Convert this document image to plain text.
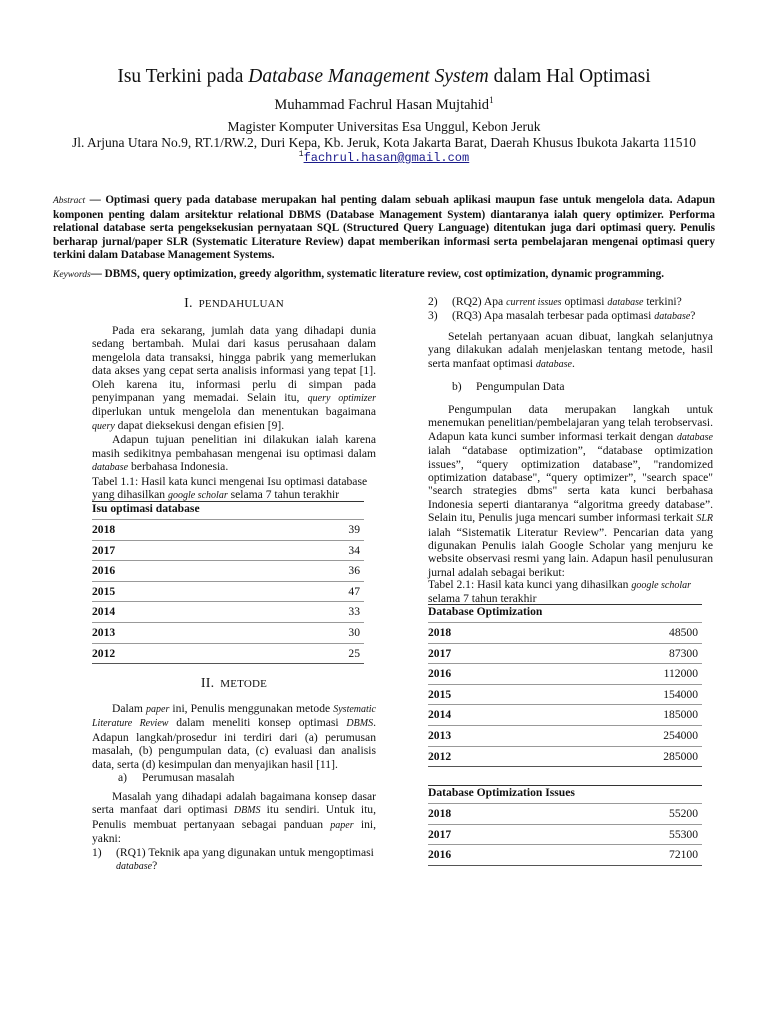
Isu Terkini pada Database Management System dalam Hal Optimasi
Muhammad Fachrul Hasan Mujtahid$^1$
Magister Komputer Universitas Esa Unggul, Kebon Jeruk
Jl. Arjuna Utara No.9, RT.1/RW.2, Duri Kepa, Kb. Jeruk, Kota Jakarta Barat, Daerah Khusus Ibukota Jakarta 11510
$^1$fachrul.hasan@gmail.com
Abstract — Optimasi query pada database merupakan hal penting dalam sebuah aplikasi maupun fase untuk mengelola data. Adapun komponen penting dalam arsitektur relational DBMS (Database Management System) diantaranya ialah query optimizer. Performa relational database serta pengeksekusian pernyataan SQL (Structured Query Language) ditentukan juga dari optimasi query. Penulis berharap jurnal/paper SLR (Systematic Literature Review) dapat memberikan informasi serta pembelajaran mengenai optimasi query terkini dalam Database Management Systems.
Keywords— DBMS, query optimization, greedy algorithm, systematic literature review, cost optimization, dynamic programming.
I. PENDAHULUAN

Pada era sekarang, jumlah data yang dihadapi dunia sedang bertambah. Mulai dari kasus perusahaan dalam mengelola data transaksi, hingga pabrik yang memerlukan data akses yang cepat serta analisis informasi yang tepat [1]. Oleh karena itu, informasi perlu di simpan pada penyimpanan yang memadai. Selain itu, query optimizer diperlukan untuk mengelola dan menentukan bagaimana query dapat dieksekusi dengan efisien [9].

Adapun tujuan penelitian ini dilakukan ialah karena masih sedikitnya pembahasan mengenai isu optimasi dalam database berbahasa Indonesia.

Tabel 1.1: Hasil kata kunci mengenai Isu optimasi database yang dihasilkan google scholar selama 7 tahun terakhir

Isu optimasi database	
2018	39
2017	34
2016	36
2015	47
2014	33
2013	30
2012	25
II. METODE

Dalam paper ini, Penulis menggunakan metode Systematic Literature Review dalam meneliti konsep optimasi DBMS. Adapun langkah/prosedur ini terdiri dari (a) perumusan masalah, (b) pengumpulan data, (c) evaluasi dan analisis data, serta (d) kesimpulan dan menyajikan hasil [11].

a)	Perumusan masalah

Masalah yang dihadapi adalah bagaimana konsep dasar serta manfaat dari optimasi DBMS itu sendiri. Untuk itu, Penulis membuat pertanyaan sebagai panduan paper ini, yakni:

1)	(RQ1) Teknik apa yang digunakan untuk mengoptimasi database?
2)	(RQ2) Apa current issues optimasi database terkini?
3)	(RQ3) Apa masalah terbesar pada optimasi database?

Setelah pertanyaan acuan dibuat, langkah selanjutnya yang dilakukan adalah menjelaskan tentang metode, hasil serta manfaat optimasi database.

b)	Pengumpulan Data

Pengumpulan data merupakan langkah untuk menemukan penelitian/pembelajaran yang telah terobservasi. Adapun kata kunci sumber informasi terkait dengan database ialah “database optimization”, “database optimization issues”, “query optimization database”, "randomized optimization database", “query optimizer”, "search space" "search strategies dbms" serta kata kunci berbahasa Indonesia seperti diantaranya “algoritma greedy database”. Selain itu, Penulis juga mencari sumber informasi terkait SLR ialah “Sistematik Literatur Review”. Pencarian data yang digunakan Penulis ialah Google Scholar yang menjuru ke website observasi resmi yang lain. Adapun hasil penulusuran jurnal adalah sebagai berikut:

Tabel 2.1: Hasil kata kunci yang dihasilkan google scholar selama 7 tahun terakhir

Database Optimization	
2018	48500
2017	87300
2016	112000
2015	154000
2014	185000
2013	254000
2012	285000
Database Optimization Issues	
2018	55200
2017	55300
2016	72100
